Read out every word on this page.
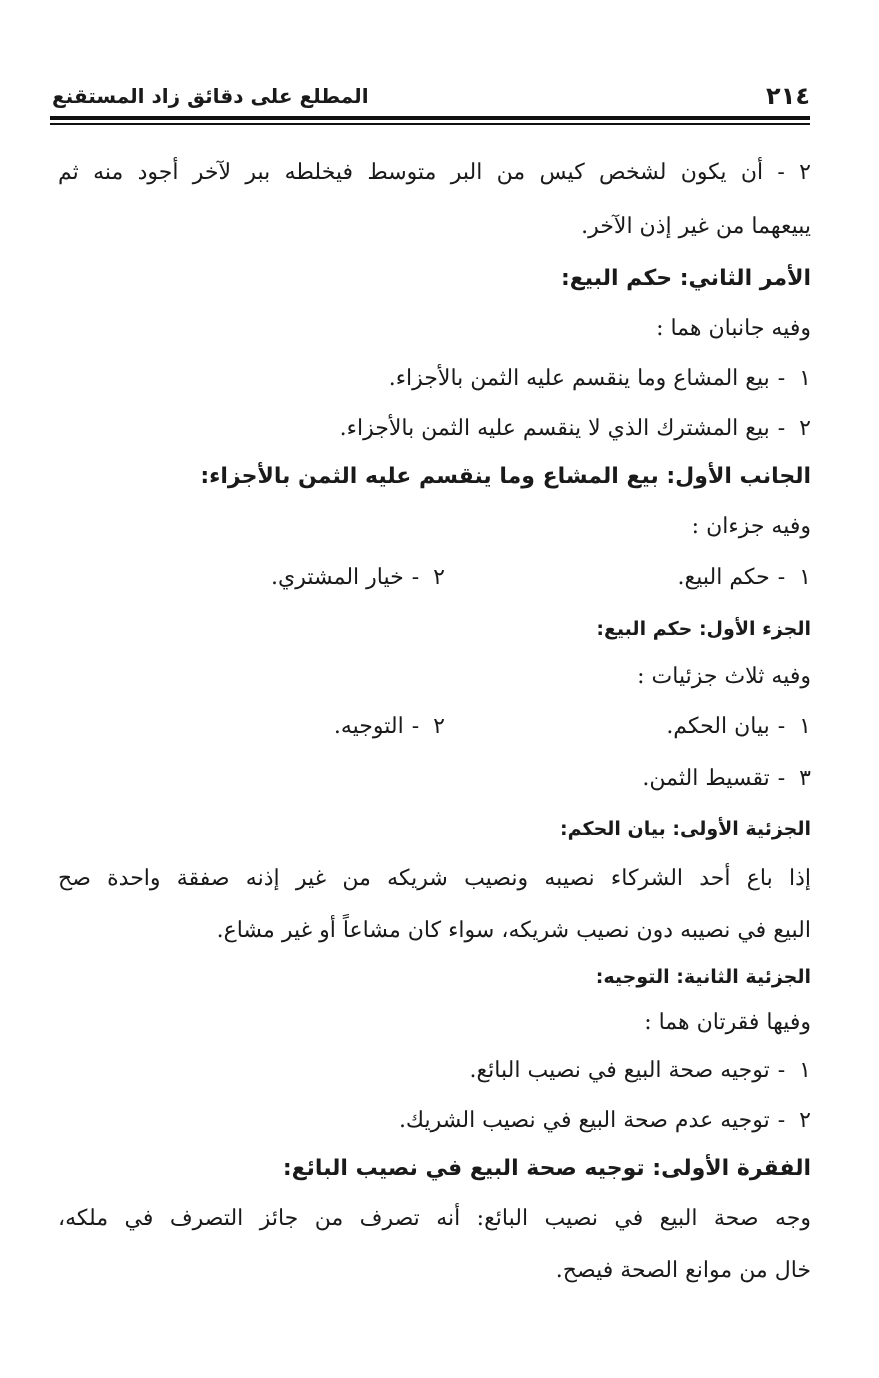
٢١٤
المطلع على دقائق زاد المستقنع
٢ - أن يكون لشخص كيس من البر متوسط فيخلطه ببر لآخر أجود منه ثم
يبيعهما من غير إذن الآخر.
الأمر الثاني: حكم البيع:
وفيه جانبان هما :
١-بيع المشاع وما ينقسم عليه الثمن بالأجزاء.
٢-بيع المشترك الذي لا ينقسم عليه الثمن بالأجزاء.
الجانب الأول: بيع المشاع وما ينقسم عليه الثمن بالأجزاء:
وفيه جزءان :
١-حكم البيع.
٢-خيار المشتري.
الجزء الأول: حكم البيع:
وفيه ثلاث جزئيات :
١-بيان الحكم.
٢-التوجيه.
٣-تقسيط الثمن.
الجزئية الأولى: بيان الحكم:
إذا باع أحد الشركاء نصيبه ونصيب شريكه من غير إذنه صفقة واحدة صح
البيع في نصيبه دون نصيب شريكه، سواء كان مشاعاً أو غير مشاع.
الجزئية الثانية: التوجيه:
وفيها فقرتان هما :
١-توجيه صحة البيع في نصيب البائع.
٢-توجيه عدم صحة البيع في نصيب الشريك.
الفقرة الأولى: توجيه صحة البيع في نصيب البائع:
وجه صحة البيع في نصيب البائع: أنه تصرف من جائز التصرف في ملكه،
خال من موانع الصحة فيصح.
